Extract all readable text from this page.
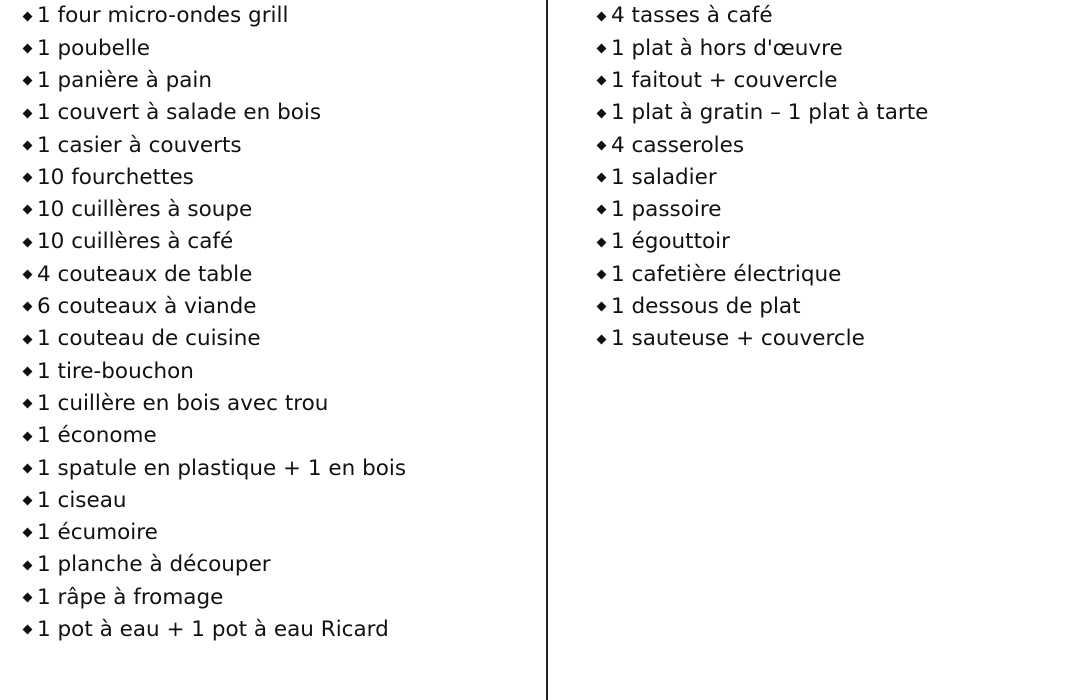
1 four micro-ondes grill
1 poubelle
1 panière à pain
1 couvert à salade en bois
1 casier à couverts
10 fourchettes
10 cuillères à soupe
10 cuillères à café
4 couteaux de table
6 couteaux à viande
1 couteau de cuisine
1 tire-bouchon
1 cuillère en bois avec trou
1 économe
1 spatule en plastique + 1 en bois
1 ciseau
1 écumoire
1 planche à découper
1 râpe à fromage
1 pot à eau + 1 pot à eau Ricard
4 tasses à café
1 plat à hors d'œuvre
1 faitout + couvercle
1 plat à gratin – 1 plat à tarte
4 casseroles
1 saladier
1 passoire
1 égouttoir
1 cafetière électrique
1 dessous de plat
1 sauteuse + couvercle
